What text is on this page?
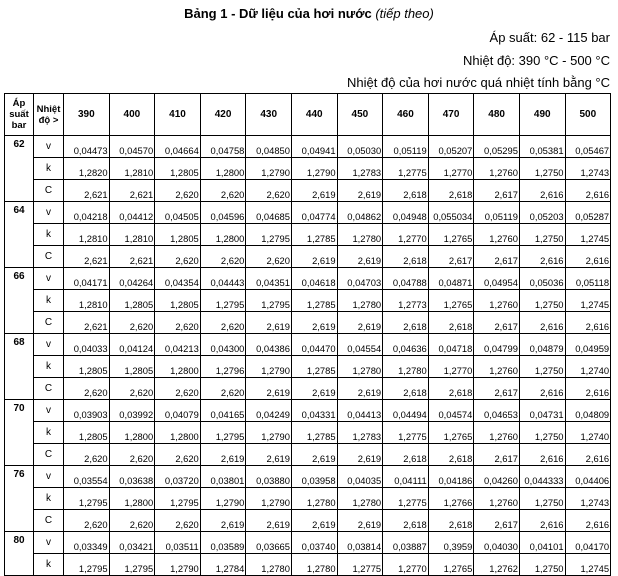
Bảng 1 - Dữ liệu của hơi nước (tiếp theo)
Áp suất: 62 - 115 bar
Nhiệt độ: 390 °C - 500 °C
Nhiệt độ của hơi nước quá nhiệt tính bằng °C
Áp suất bar	Nhiệt độ >	390	400	410	420	430	440	450	460	470	480	490	500
62	v	0,04473	0,04570	0,04664	0,04758	0,04850	0,04941	0,05030	0,05119	0,05207	0,05295	0,05381	0,05467
	k	1,2820	1,2810	1,2805	1,2800	1,2790	1,2790	1,2783	1,2775	1,2770	1,2760	1,2750	1,2743
	C	2,621	2,621	2,620	2,620	2,620	2,619	2,619	2,618	2,618	2,617	2,616	2,616
64	v	0,04218	0,04412	0,04505	0,04596	0,04685	0,04774	0,04862	0,04948	0,055034	0,05119	0,05203	0,05287
	k	1,2810	1,2810	1,2805	1,2800	1,2795	1,2785	1,2780	1,2770	1,2765	1,2760	1,2750	1,2745
	C	2,621	2,621	2,620	2,620	2,620	2,619	2,619	2,618	2,617	2,617	2,616	2,616
66	v	0,04171	0,04264	0,04354	0,04443	0,04351	0,04618	0,04703	0,04788	0,04871	0,04954	0,05036	0,05118
	k	1,2810	1,2805	1,2805	1,2795	1,2795	1,2785	1,2780	1,2773	1,2765	1,2760	1,2750	1,2745
	C	2,621	2,620	2,620	2,620	2,619	2,619	2,619	2,618	2,618	2,617	2,616	2,616
68	v	0,04033	0,04124	0,04213	0,04300	0,04386	0,04470	0,04554	0,04636	0,04718	0,04799	0,04879	0,04959
	k	1,2805	1,2805	1,2800	1,2796	1,2790	1,2785	1,2780	1,2780	1,2770	1,2760	1,2750	1,2740
	C	2,620	2,620	2,620	2,620	2,619	2,619	2,619	2,618	2,618	2,617	2,616	2,616
70	v	0,03903	0,03992	0,04079	0,04165	0,04249	0,04331	0,04413	0,04494	0,04574	0,04653	0,04731	0,04809
	k	1,2805	1,2800	1,2800	1,2795	1,2790	1,2785	1,2783	1,2775	1,2765	1,2760	1,2750	1,2740
	C	2,620	2,620	2,620	2,619	2,619	2,619	2,619	2,618	2,618	2,617	2,616	2,616
76	v	0,03554	0,03638	0,03720	0,03801	0,03880	0,03958	0,04035	0,04111	0,04186	0,04260	0,044333	0,04406
	k	1,2795	1,2800	1,2795	1,2790	1,2790	1,2780	1,2780	1,2775	1,2766	1,2760	1,2750	1,2743
	C	2,620	2,620	2,620	2,619	2,619	2,619	2,619	2,618	2,618	2,617	2,616	2,616
80	v	0,03349	0,03421	0,03511	0,03589	0,03665	0,03740	0,03814	0,03887	0,3959	0,04030	0,04101	0,04170
	k	1,2795	1,2795	1,2790	1,2784	1,2780	1,2780	1,2775	1,2770	1,2765	1,2762	1,2750	1,2745
